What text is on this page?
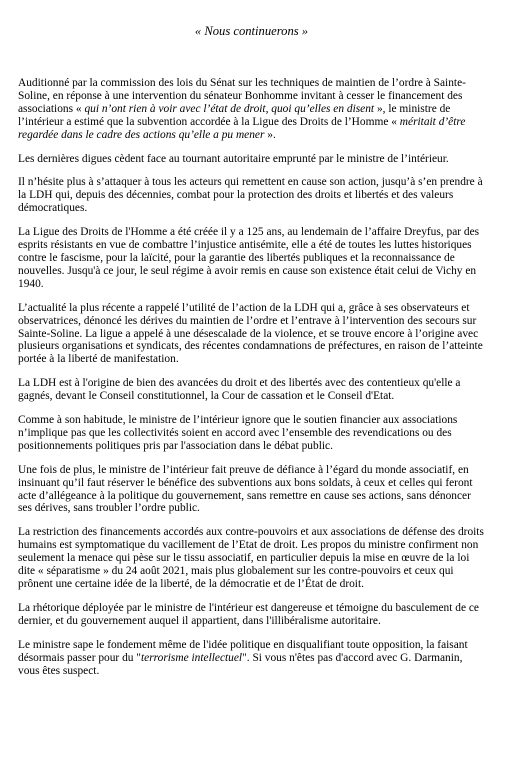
« Nous continuerons »

Auditionné par la commission des lois du Sénat sur les techniques de maintien de l’ordre à Sainte-Soline, en réponse à une intervention du sénateur Bonhomme invitant à cesser le financement des associations « qui n’ont rien à voir avec l’état de droit, quoi qu’elles en disent », le ministre de l’intérieur a estimé que la subvention accordée à la Ligue des Droits de l’Homme « méritait d’être regardée dans le cadre des actions qu’elle a pu mener ».

Les dernières digues cèdent face au tournant autoritaire emprunté par le ministre de l’intérieur.

Il n’hésite plus à s’attaquer à tous les acteurs qui remettent en cause son action, jusqu’à s’en prendre à la LDH qui, depuis des décennies, combat pour la protection des droits et libertés et des valeurs démocratiques.

La Ligue des Droits de l'Homme a été créée il y a 125 ans, au lendemain de l’affaire Dreyfus, par des esprits résistants en vue de combattre l’injustice antisémite, elle a été de toutes les luttes historiques contre le fascisme, pour la laïcité, pour la garantie des libertés publiques et la reconnaissance de nouvelles. Jusqu'à ce jour, le seul régime à avoir remis en cause son existence était celui de Vichy en 1940.

L’actualité la plus récente a rappelé l’utilité de l’action de la LDH qui a, grâce à ses observateurs et observatrices, dénoncé les dérives du maintien de l’ordre et l’entrave à l’intervention des secours sur Sainte-Soline. La ligue a appelé à une désescalade de la violence, et se trouve encore à l’origine avec plusieurs organisations et syndicats, des récentes condamnations de préfectures, en raison de l’atteinte portée à la liberté de manifestation.

La LDH est à l'origine de bien des avancées du droit et des libertés avec des contentieux qu'elle a gagnés, devant le Conseil constitutionnel, la Cour de cassation et le Conseil d'Etat.

Comme à son habitude, le ministre de l’intérieur ignore que le soutien financier aux associations n’implique pas que les collectivités soient en accord avec l’ensemble des revendications ou des positionnements politiques pris par l'association dans le débat public.

Une fois de plus, le ministre de l’intérieur fait preuve de défiance à l’égard du monde associatif, en insinuant qu’il faut réserver le bénéfice des subventions aux bons soldats, à ceux et celles qui feront acte d’allégeance à la politique du gouvernement, sans remettre en cause ses actions, sans dénoncer ses dérives, sans troubler l’ordre public.

La restriction des financements accordés aux contre-pouvoirs et aux associations de défense des droits humains est symptomatique du vacillement de l’Etat de droit. Les propos du ministre confirment non seulement la menace qui pèse sur le tissu associatif, en particulier depuis la mise en œuvre de la loi dite « séparatisme » du 24 août 2021, mais plus globalement sur les contre-pouvoirs et ceux qui prônent une certaine idée de la liberté, de la démocratie et de l’État de droit.

La rhétorique déployée par le ministre de l'intérieur est dangereuse et témoigne du basculement de ce dernier, et du gouvernement auquel il appartient, dans l'illibéralisme autoritaire.

Le ministre sape le fondement même de l'idée politique en disqualifiant toute opposition, la faisant désormais passer pour du "terrorisme intellectuel". Si vous n'êtes pas d'accord avec G. Darmanin, vous êtes suspect.
